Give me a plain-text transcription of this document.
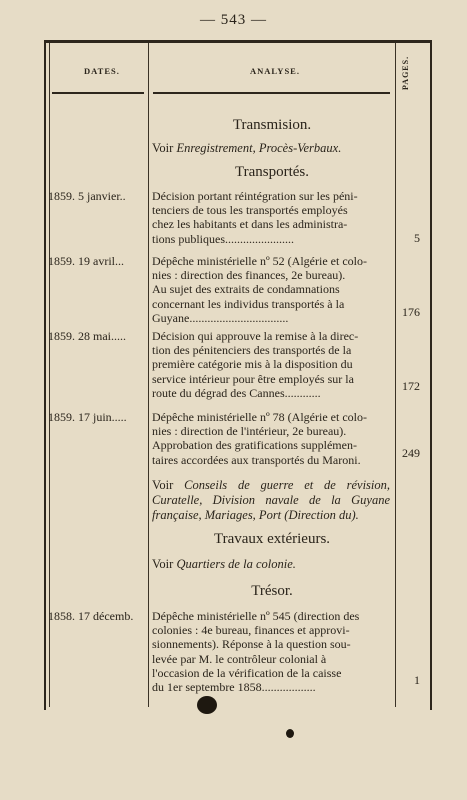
— 543 —
DATES.	ANALYSE.	PAGES.
Transmision.
Voir Enregistrement, Procès-Verbaux.
Transportés.
1859. 5 janvier..	Décision portant réintégration sur les péni-
tenciers de tous les transportés employés
chez les habitants et dans les administra-
tions publiques.......................	5
1859. 19 avril...	Dépêche ministérielle nº 52 (Algérie et colo-
nies : direction des finances, 2e bureau).
Au sujet des extraits de condamnations
concernant les individus transportés à la
Guyane.................................	176
1859. 28 mai.....	Décision qui approuve la remise à la direc-
tion des pénitenciers des transportés de la
première catégorie mis à la disposition du
service intérieur pour être employés sur la
route du dégrad des Cannes............	172
1859. 17 juin.....	Dépêche ministérielle nº 78 (Algérie et colo-
nies : direction de l'intérieur, 2e bureau).
Approbation des gratifications supplémen-
taires accordées aux transportés du Maroni.	249
Voir Conseils de guerre et de révision, Curatelle, Division navale de la Guyane française, Mariages, Port (Direction du).
Travaux extérieurs.
Voir Quartiers de la colonie.
Trésor.
1858. 17 décemb.	Dépêche ministérielle nº 545 (direction des
colonies : 4e bureau, finances et approvi-
sionnements). Réponse à la question sou-
levée par M. le contrôleur colonial à
l'occasion de la vérification de la caisse
du 1er septembre 1858..................
1
